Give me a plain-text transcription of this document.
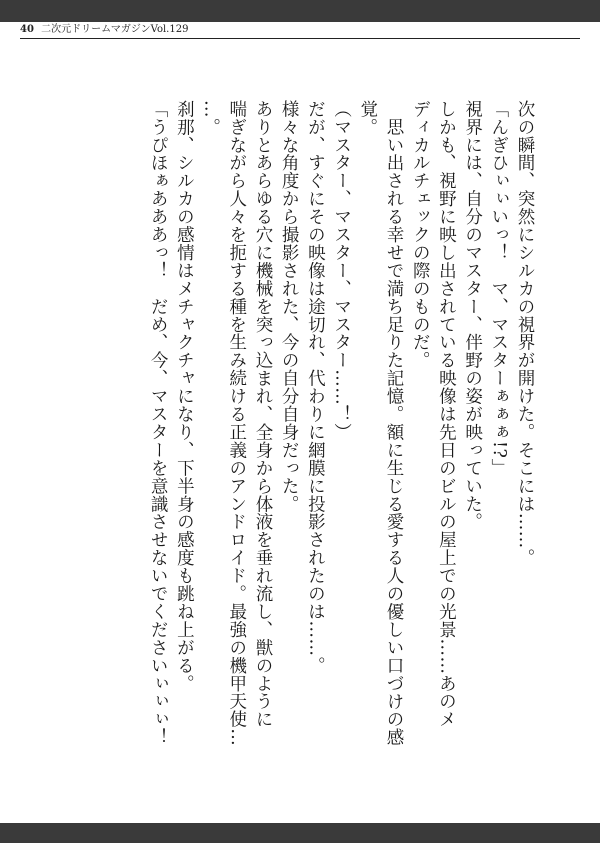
40 二次元ドリームマガジンVol.129

次の瞬間、突然にシルカの視界が開けた。そこには……。

「んぎひぃぃいっ！　マ、マスターぁぁぁ!?」

視界には、自分のマスター、伴野の姿が映っていた。

しかも、視野に映し出されている映像は先日のビルの屋上での光景……あのメ

ディカルチェックの際のものだ。

　思い出される幸せで満ち足りた記憶。額に生じる愛する人の優しい口づけの感

覚。

（マスター、マスター、マスター……！）

だが、すぐにその映像は途切れ、代わりに網膜に投影されたのは……。

様々な角度から撮影された、今の自分自身だった。

ありとあらゆる穴に機械を突っ込まれ、全身から体液を垂れ流し、獣のように

喘ぎながら人々を扼する種を生み続ける正義のアンドロイド。最強の機甲天使…

…。

刹那、シルカの感情はメチャクチャになり、下半身の感度も跳ね上がる。

「うぴほぁあああっ！　だめ、今、マスターを意識させないでくださいぃぃぃ！
